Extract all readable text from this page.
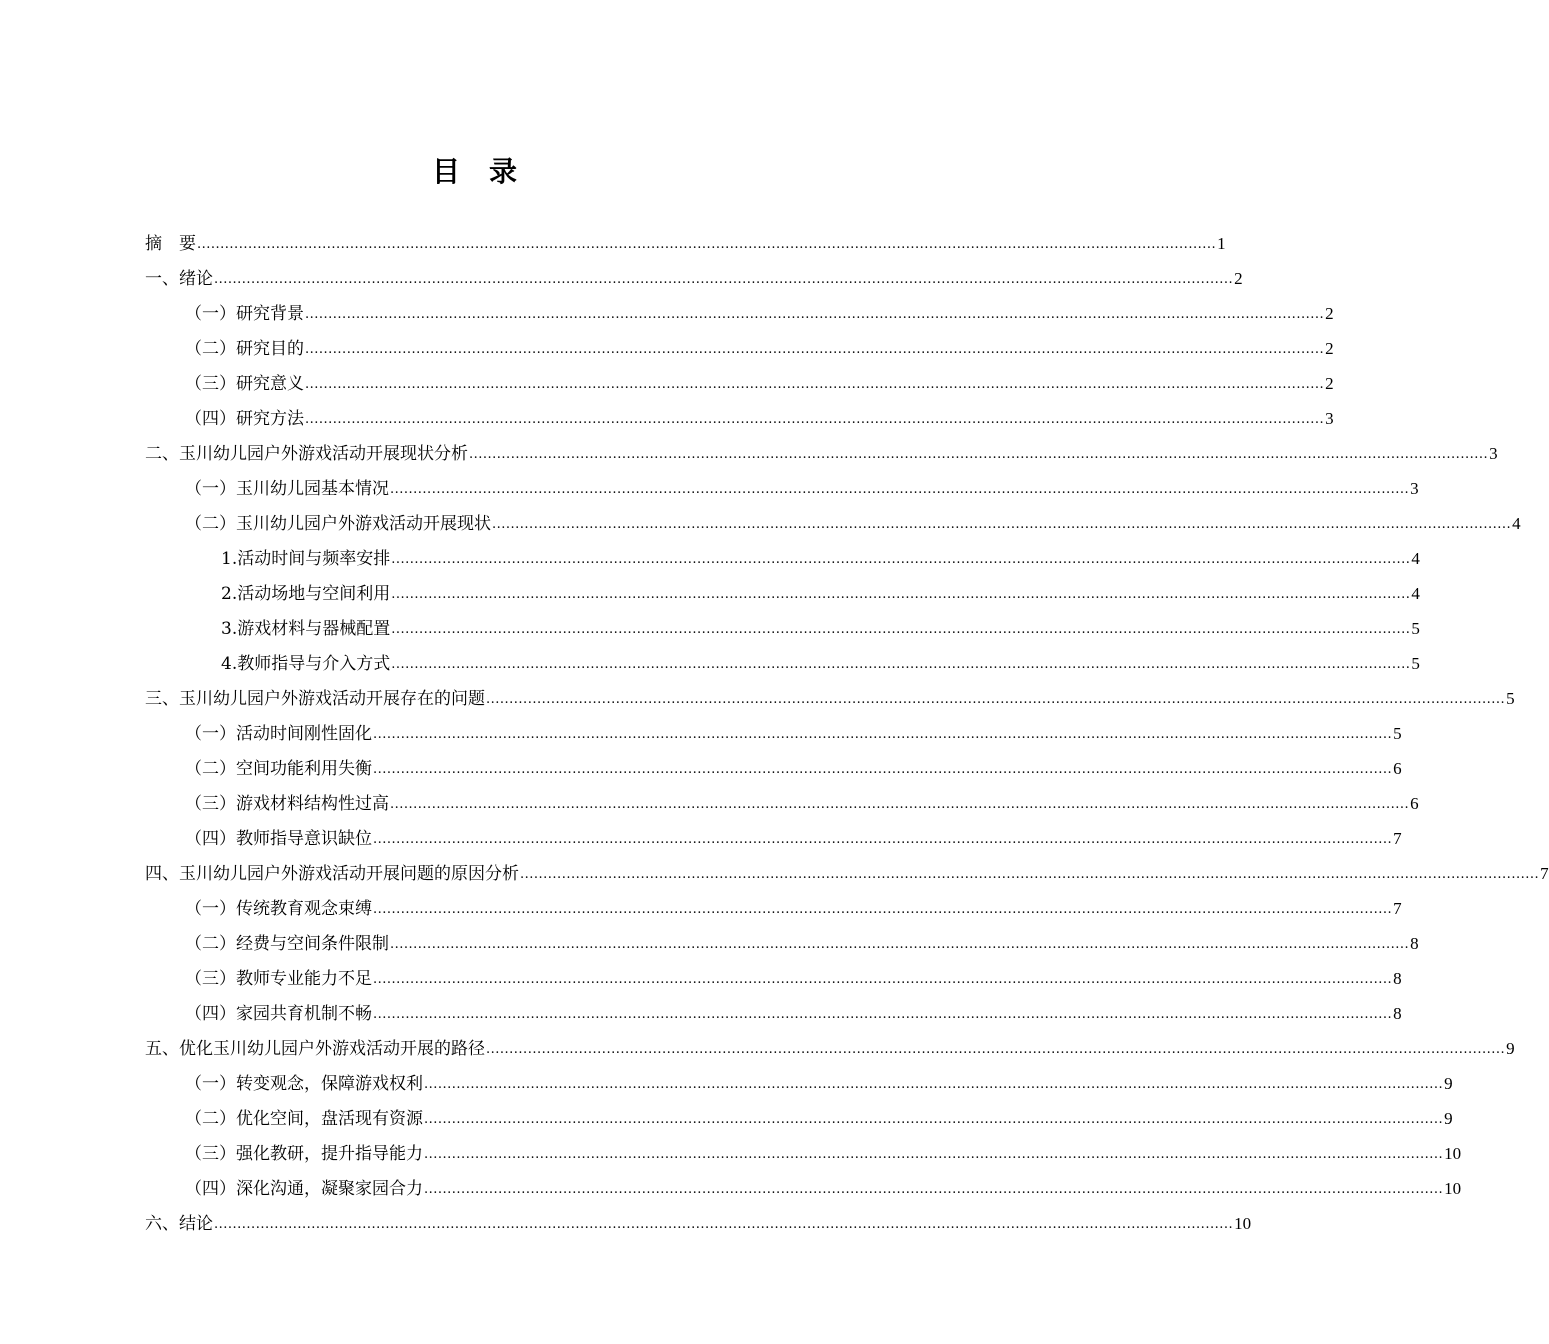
目 录
摘　要 ............................................................................................................................................................................................................................ 1
一、绪论 ............................................................................................................................................................................................................................ 2
（一）研究背景 ............................................................................................................................................................................................................................ 2
（二）研究目的 ............................................................................................................................................................................................................................ 2
（三）研究意义 ............................................................................................................................................................................................................................ 2
（四）研究方法 ............................................................................................................................................................................................................................ 3
二、玉川幼儿园户外游戏活动开展现状分析 ............................................................................................................................................................................................................................ 3
（一）玉川幼儿园基本情况 ............................................................................................................................................................................................................................ 3
（二）玉川幼儿园户外游戏活动开展现状 ............................................................................................................................................................................................................................ 4
1.活动时间与频率安排 ............................................................................................................................................................................................................................ 4
2.活动场地与空间利用 ............................................................................................................................................................................................................................ 4
3.游戏材料与器械配置 ............................................................................................................................................................................................................................ 5
4.教师指导与介入方式 ............................................................................................................................................................................................................................ 5
三、玉川幼儿园户外游戏活动开展存在的问题 ............................................................................................................................................................................................................................ 5
（一）活动时间刚性固化 ............................................................................................................................................................................................................................ 5
（二）空间功能利用失衡 ............................................................................................................................................................................................................................ 6
（三）游戏材料结构性过高 ............................................................................................................................................................................................................................ 6
（四）教师指导意识缺位 ............................................................................................................................................................................................................................ 7
四、玉川幼儿园户外游戏活动开展问题的原因分析 ............................................................................................................................................................................................................................ 7
（一）传统教育观念束缚 ............................................................................................................................................................................................................................ 7
（二）经费与空间条件限制 ............................................................................................................................................................................................................................ 8
（三）教师专业能力不足 ............................................................................................................................................................................................................................ 8
（四）家园共育机制不畅 ............................................................................................................................................................................................................................ 8
五、优化玉川幼儿园户外游戏活动开展的路径 ............................................................................................................................................................................................................................ 9
（一）转变观念，保障游戏权利 ............................................................................................................................................................................................................................ 9
（二）优化空间，盘活现有资源 ............................................................................................................................................................................................................................ 9
（三）强化教研，提升指导能力 ............................................................................................................................................................................................................................ 10
（四）深化沟通，凝聚家园合力 ............................................................................................................................................................................................................................ 10
六、结论 ............................................................................................................................................................................................................................ 10
